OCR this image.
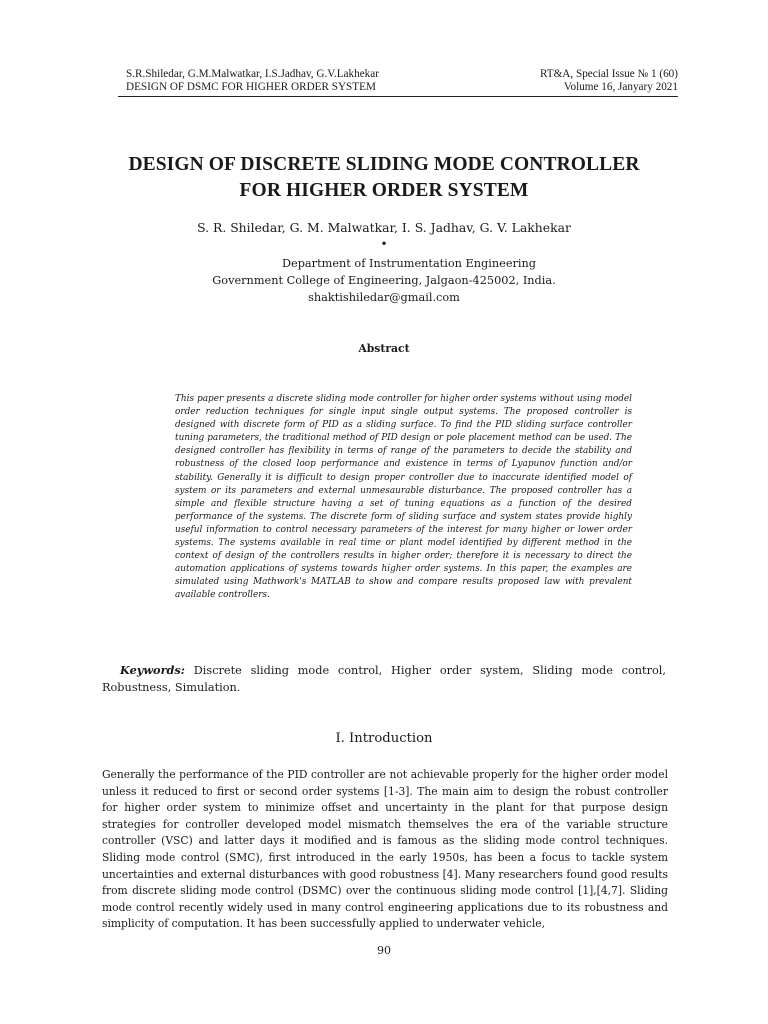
S.R.Shiledar, G.M.Malwatkar, I.S.Jadhav, G.V.Lakhekar	RT&A, Special Issue № 1 (60)
DESIGN OF DSMC FOR HIGHER ORDER SYSTEM	Volume 16, Janyary 2021
DESIGN OF DISCRETE SLIDING MODE CONTROLLER
FOR HIGHER ORDER SYSTEM
S. R. Shiledar, G. M. Malwatkar, I. S. Jadhav, G. V. Lakhekar
•
Department of Instrumentation Engineering
Government College of Engineering, Jalgaon-425002, India.
shaktishiledar@gmail.com
Abstract
This paper presents a discrete sliding mode controller for higher order systems without using model order reduction techniques for single input single output systems. The proposed controller is designed with discrete form of PID as a sliding surface. To find the PID sliding surface controller tuning parameters, the traditional method of PID design or pole placement method can be used. The designed controller has flexibility in terms of range of the parameters to decide the stability and robustness of the closed loop performance and existence in terms of Lyapunov function and/or stability. Generally it is difficult to design proper controller due to inaccurate identified model of system or its parameters and external unmesaurable disturbance. The proposed controller has a simple and flexible structure having a set of tuning equations as a function of the desired performance of the systems. The discrete form of sliding surface and system states provide highly useful information to control necessary parameters of the interest for many higher or lower order systems. The systems available in real time or plant model identified by different method in the context of design of the controllers results in higher order; therefore it is necessary to direct the automation applications of systems towards higher order systems. In this paper, the examples are simulated using Mathwork's MATLAB to show and compare results proposed law with prevalent available controllers.
Keywords: Discrete sliding mode control, Higher order system, Sliding mode control, Robustness, Simulation.
I. Introduction
Generally the performance of the PID controller are not achievable properly for the higher order model unless it reduced to first or second order systems [1-3]. The main aim to design the robust controller for higher order system to minimize offset and uncertainty in the plant for that purpose design strategies for controller developed model mismatch themselves the era of the variable structure controller (VSC) and latter days it modified and is famous as the sliding mode control techniques. Sliding mode control (SMC), first introduced in the early 1950s, has been a focus to tackle system uncertainties and external disturbances with good robustness [4]. Many researchers found good results from discrete sliding mode control (DSMC) over the continuous sliding mode control [1],[4,7]. Sliding mode control recently widely used in many control engineering applications due to its robustness and simplicity of computation. It has been successfully applied to underwater vehicle,
90
